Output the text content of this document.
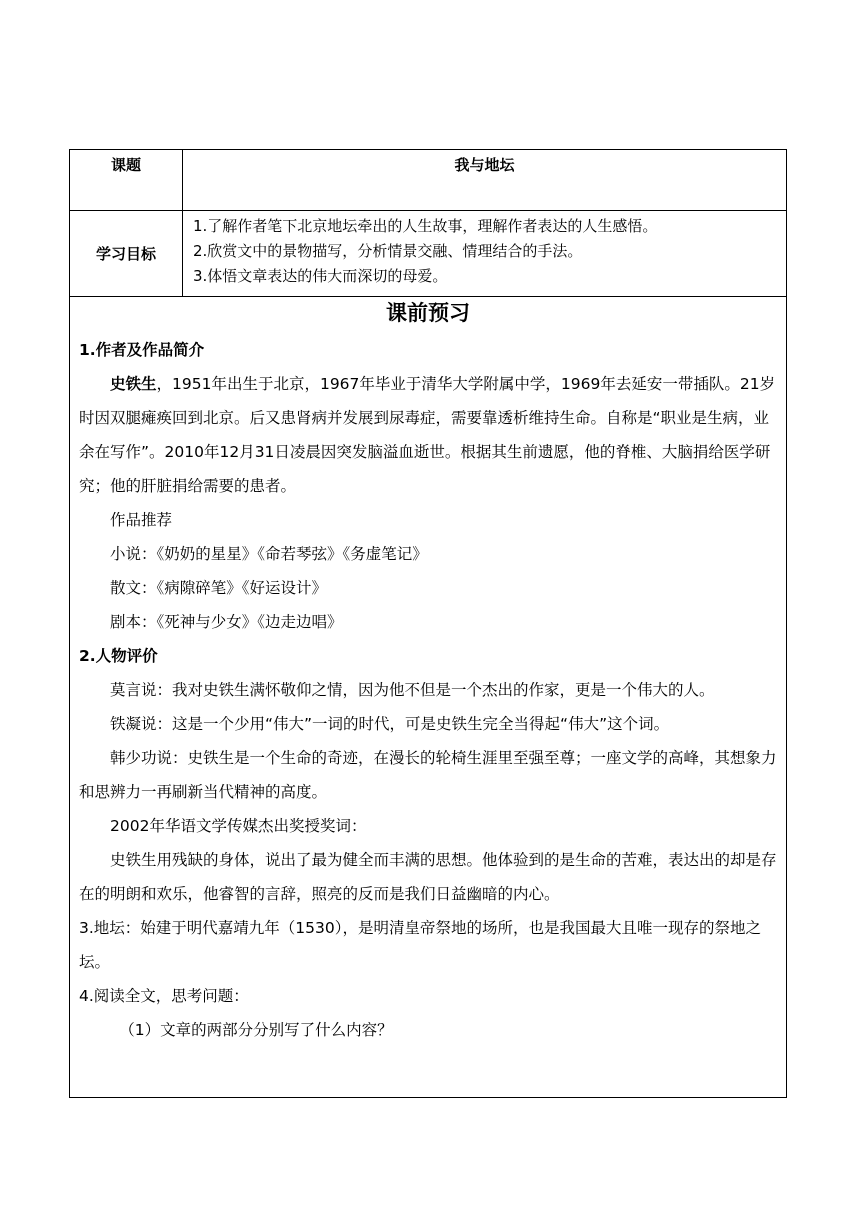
课题	我与地坛
学习目标
1.了解作者笔下北京地坛牵出的人生故事，理解作者表达的人生感悟。
2.欣赏文中的景物描写，分析情景交融、情理结合的手法。
3.体悟文章表达的伟大而深切的母爱。
课前预习
1.作者及作品简介
史铁生，1951年出生于北京，1967年毕业于清华大学附属中学，1969年去延安一带插队。21岁时因双腿瘫痪回到北京。后又患肾病并发展到尿毒症，需要靠透析维持生命。自称是“职业是生病，业余在写作”。2010年12月31日凌晨因突发脑溢血逝世。根据其生前遗愿，他的脊椎、大脑捐给医学研究；他的肝脏捐给需要的患者。
作品推荐
小说：《奶奶的星星》《命若琴弦》《务虚笔记》
散文：《病隙碎笔》《好运设计》
剧本：《死神与少女》《边走边唱》
2.人物评价
莫言说：我对史铁生满怀敬仰之情，因为他不但是一个杰出的作家，更是一个伟大的人。
铁凝说：这是一个少用“伟大”一词的时代，可是史铁生完全当得起“伟大”这个词。
韩少功说：史铁生是一个生命的奇迹，在漫长的轮椅生涯里至强至尊；一座文学的高峰，其想象力和思辨力一再刷新当代精神的高度。
2002年华语文学传媒杰出奖授奖词：
史铁生用残缺的身体，说出了最为健全而丰满的思想。他体验到的是生命的苦难，表达出的却是存在的明朗和欢乐，他睿智的言辞，照亮的反而是我们日益幽暗的内心。
3.地坛：始建于明代嘉靖九年（1530），是明清皇帝祭地的场所，也是我国最大且唯一现存的祭地之坛。
4.阅读全文，思考问题：
（1）文章的两部分分别写了什么内容？
